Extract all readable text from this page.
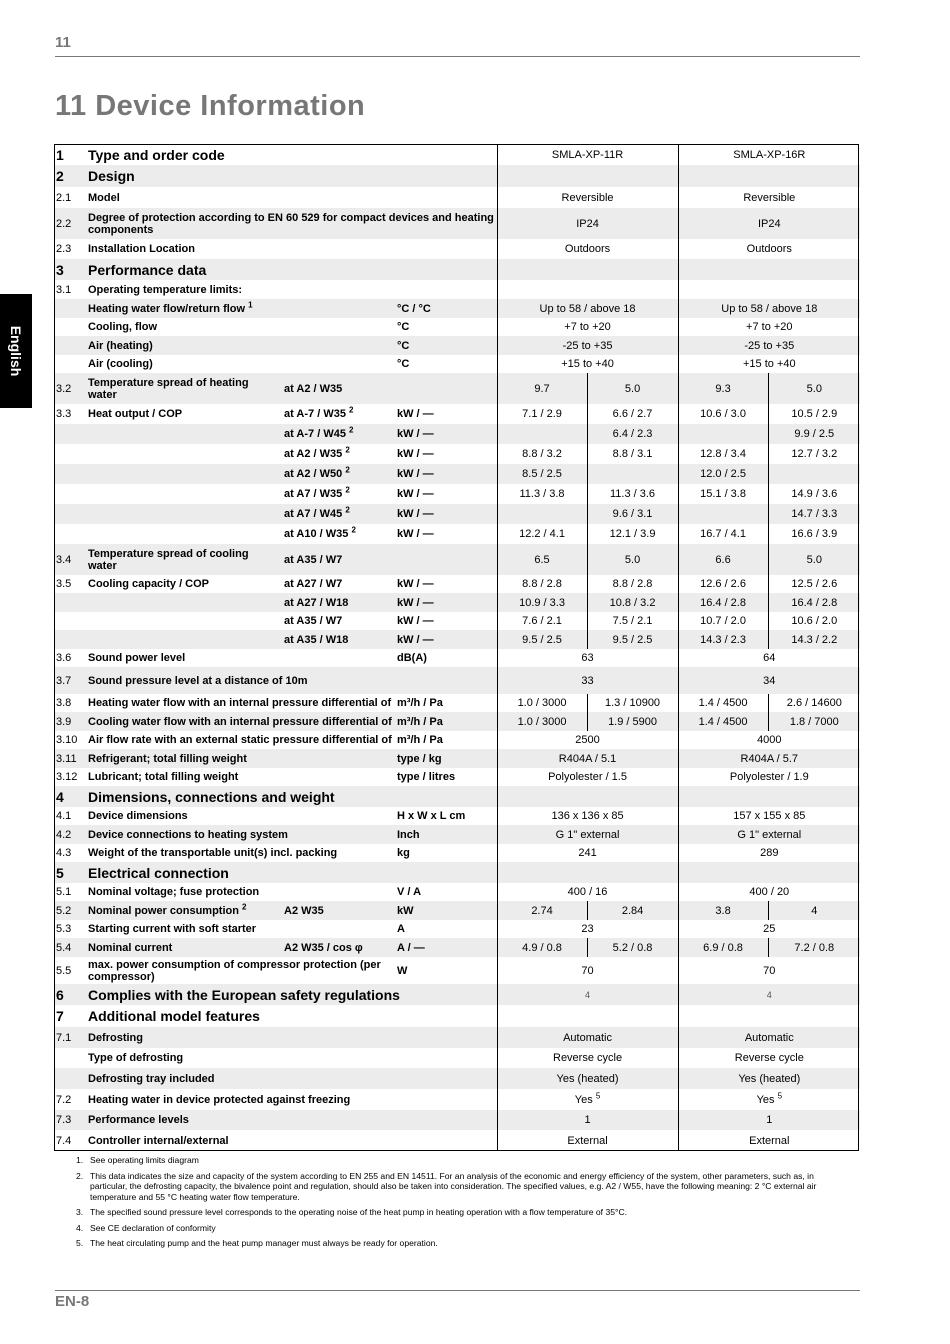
11
11 Device Information
English
1	Type and order code			SMLA-XP-11R		SMLA-XP-16R	
2	Design						
2.1	Model			Reversible		Reversible	
2.2	Degree of protection according to EN 60 529 for compact devices and heating components			IP24		IP24	
2.3	Installation Location			Outdoors		Outdoors	
3	Performance data						
3.1	Operating temperature limits:						
	Heating water flow/return flow $^1$		°C / °C	Up to 58 / above 18		Up to 58 / above 18	
	Cooling, flow		°C	+7 to +20		+7 to +20	
	Air (heating)		°C	-25 to +35		-25 to +35	
	Air (cooling)		°C	+15 to +40		+15 to +40	
3.2	Temperature spread of heating water	at A2 / W35		9.7	5.0	9.3	5.0
3.3	Heat output / COP	at A-7 / W35 $^2$	kW / —	7.1 / 2.9	6.6 / 2.7	10.6 / 3.0	10.5 / 2.9
		at A-7 / W45 $^2$	kW / —		6.4 / 2.3		9.9 / 2.5
		at A2 / W35 $^2$	kW / —	8.8 / 3.2	8.8 / 3.1	12.8 / 3.4	12.7 / 3.2
		at A2 / W50 $^2$	kW / —	8.5 / 2.5		12.0 / 2.5	
		at A7 / W35 $^2$	kW / —	11.3 / 3.8	11.3 / 3.6	15.1 / 3.8	14.9 / 3.6
		at A7 / W45 $^2$	kW / —		9.6 / 3.1		14.7 / 3.3
		at A10 / W35 $^2$	kW / —	12.2 / 4.1	12.1 / 3.9	16.7 / 4.1	16.6 / 3.9
3.4	Temperature spread of cooling water	at A35 / W7		6.5	5.0	6.6	5.0
3.5	Cooling capacity / COP	at A27 / W7	kW / —	8.8 / 2.8	8.8 / 2.8	12.6 / 2.6	12.5 / 2.6
		at A27 / W18	kW / —	10.9 / 3.3	10.8 / 3.2	16.4 / 2.8	16.4 / 2.8
		at A35 / W7	kW / —	7.6 / 2.1	7.5 / 2.1	10.7 / 2.0	10.6 / 2.0
		at A35 / W18	kW / —	9.5 / 2.5	9.5 / 2.5	14.3 / 2.3	14.3 / 2.2
3.6	Sound power level		dB(A)	63		64	
3.7	Sound pressure level at a distance of 10m			33		34	
3.8	Heating water flow with an internal pressure differential of		m³/h / Pa	1.0 / 3000	1.3 / 10900	1.4 / 4500	2.6 / 14600
3.9	Cooling water flow with an internal pressure differential of		m³/h / Pa	1.0 / 3000	1.9 / 5900	1.4 / 4500	1.8 / 7000
3.10	Air flow rate with an external static pressure differential of		m³/h / Pa	2500		4000	
3.11	Refrigerant; total filling weight		type / kg	R404A / 5.1		R404A / 5.7	
3.12	Lubricant; total filling weight		type / litres	Polyolester / 1.5		Polyolester / 1.9	
4	Dimensions, connections and weight						
4.1	Device dimensions		H x W x L cm	136 x 136 x 85		157 x 155 x 85	
4.2	Device connections to heating system		Inch	G 1" external		G 1" external	
4.3	Weight of the transportable unit(s) incl. packing		kg	241		289	
5	Electrical connection						
5.1	Nominal voltage; fuse protection		V / A	400 / 16		400 / 20	
5.2	Nominal power consumption $^2$	A2 W35	kW	2.74	2.84	3.8	4
5.3	Starting current with soft starter		A	23		25	
5.4	Nominal current	A2 W35 / cos φ	A / —	4.9 / 0.8	5.2 / 0.8	6.9 / 0.8	7.2 / 0.8
5.5	max. power consumption of compressor protection (per compressor)		W	70		70	
6	Complies with the European safety regulations			4		4	
7	Additional model features						
7.1	Defrosting			Automatic		Automatic	
	Type of defrosting			Reverse cycle		Reverse cycle	
	Defrosting tray included			Yes (heated)		Yes (heated)	
7.2	Heating water in device protected against freezing			Yes $^5$		Yes $^5$
7.3	Performance levels			1		1	
7.4	Controller internal/external			External		External	
1. See operating limits diagram
2. This data indicates the size and capacity of the system according to EN 255 and EN 14511. For an analysis of the economic and energy efficiency of the system, other parameters, such as, in particular, the defrosting capacity, the bivalence point and regulation, should also be taken into consideration. The specified values, e.g. A2 / W55, have the following meaning: 2 °C external air temperature and 55 °C heating water flow temperature.
3. The specified sound pressure level corresponds to the operating noise of the heat pump in heating operation with a flow temperature of 35°C.
4. See CE declaration of conformity
5. The heat circulating pump and the heat pump manager must always be ready for operation.
EN-8
